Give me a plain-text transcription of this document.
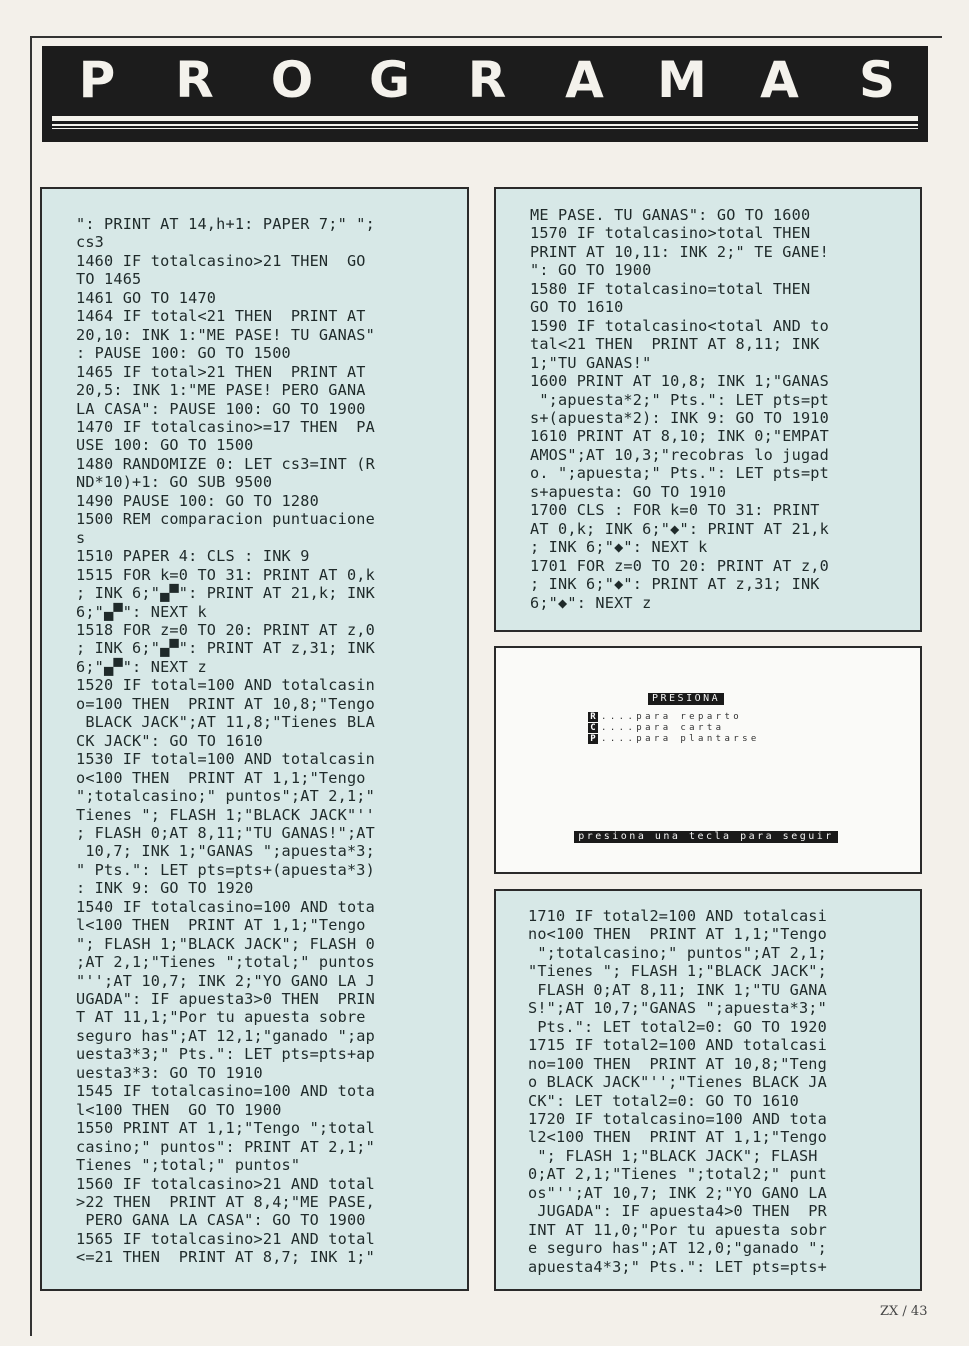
P	R	O G	R	A	M	A	S
": PRINT AT 14,h+1: PAPER 7;" ";
cs3
1460 IF totalcasino>21 THEN  GO
TO 1465
1461 GO TO 1470
1464 IF total<21 THEN  PRINT AT
20,10: INK 1:"ME PASE! TU GANAS"
: PAUSE 100: GO TO 1500
1465 IF total>21 THEN  PRINT AT
20,5: INK 1:"ME PASE! PERO GANA
LA CASA": PAUSE 100: GO TO 1900
1470 IF totalcasino>=17 THEN  PA
USE 100: GO TO 1500
1480 RANDOMIZE 0: LET cs3=INT (R
ND*10)+1: GO SUB 9500
1490 PAUSE 100: GO TO 1280
1500 REM comparacion puntuacione
s
1510 PAPER 4: CLS : INK 9
1515 FOR k=0 TO 31: PRINT AT 0,k
; INK 6;"▄▀": PRINT AT 21,k; INK
6;"▄▀": NEXT k
1518 FOR z=0 TO 20: PRINT AT z,0
; INK 6;"▄▀": PRINT AT z,31; INK
6;"▄▀": NEXT z
1520 IF total=100 AND totalcasin
o=100 THEN  PRINT AT 10,8;"Tengo
BLACK JACK";AT 11,8;"Tienes BLA
CK JACK": GO TO 1610
1530 IF total=100 AND totalcasin
o<100 THEN  PRINT AT 1,1;"Tengo
";totalcasino;" puntos";AT 2,1;"
Tienes "; FLASH 1;"BLACK JACK"''
; FLASH 0;AT 8,11;"TU GANAS!";AT
10,7; INK 1;"GANAS ";apuesta*3;
" Pts.": LET pts=pts+(apuesta*3)
: INK 9: GO TO 1920
1540 IF totalcasino=100 AND tota
l<100 THEN  PRINT AT 1,1;"Tengo
"; FLASH 1;"BLACK JACK"; FLASH 0
;AT 2,1;"Tienes ";total;" puntos
"'';AT 10,7; INK 2;"YO GANO LA J
UGADA": IF apuesta3>0 THEN  PRIN
T AT 11,1;"Por tu apuesta sobre
seguro has";AT 12,1;"ganado ";ap
uesta3*3;" Pts.": LET pts=pts+ap
uesta3*3: GO TO 1910
1545 IF totalcasino=100 AND tota
l<100 THEN  GO TO 1900
1550 PRINT AT 1,1;"Tengo ";total
casino;" puntos": PRINT AT 2,1;"
Tienes ";total;" puntos"
1560 IF totalcasino>21 AND total
>22 THEN  PRINT AT 8,4;"ME PASE,
PERO GANA LA CASA": GO TO 1900
1565 IF totalcasino>21 AND total
<=21 THEN  PRINT AT 8,7; INK 1;"
ME PASE. TU GANAS": GO TO 1600
1570 IF totalcasino>total THEN
PRINT AT 10,11: INK 2;" TE GANE!
": GO TO 1900
1580 IF totalcasino=total THEN
GO TO 1610
1590 IF totalcasino<total AND to
tal<21 THEN  PRINT AT 8,11; INK
1;"TU GANAS!"
1600 PRINT AT 10,8; INK 1;"GANAS
";apuesta*2;" Pts.": LET pts=pt
s+(apuesta*2): INK 9: GO TO 1910
1610 PRINT AT 8,10; INK 0;"EMPAT
AMOS";AT 10,3;"recobras lo jugad
o. ";apuesta;" Pts.": LET pts=pt
s+apuesta: GO TO 1910
1700 CLS : FOR k=0 TO 31: PRINT
AT 0,k; INK 6;"◆": PRINT AT 21,k
; INK 6;"◆": NEXT k
1701 FOR z=0 TO 20: PRINT AT z,0
; INK 6;"◆": PRINT AT z,31; INK
6;"◆": NEXT z
PRESIONA
R ....para reparto
C ....para carta
P ....para plantarse
presiona una tecla para seguir
1710 IF total2=100 AND totalcasi
no<100 THEN  PRINT AT 1,1;"Tengo
";totalcasino;" puntos";AT 2,1;
"Tienes "; FLASH 1;"BLACK JACK";
FLASH 0;AT 8,11; INK 1;"TU GANA
S!";AT 10,7;"GANAS ";apuesta*3;"
Pts.": LET total2=0: GO TO 1920
1715 IF total2=100 AND totalcasi
no=100 THEN  PRINT AT 10,8;"Teng
o BLACK JACK"'';"Tienes BLACK JA
CK": LET total2=0: GO TO 1610
1720 IF totalcasino=100 AND tota
l2<100 THEN  PRINT AT 1,1;"Tengo
"; FLASH 1;"BLACK JACK"; FLASH
0;AT 2,1;"Tienes ";total2;" punt
os"'';AT 10,7; INK 2;"YO GANO LA
JUGADA": IF apuesta4>0 THEN  PR
INT AT 11,0;"Por tu apuesta sobr
e seguro has";AT 12,0;"ganado ";
apuesta4*3;" Pts.": LET pts=pts+
ZX / 43
